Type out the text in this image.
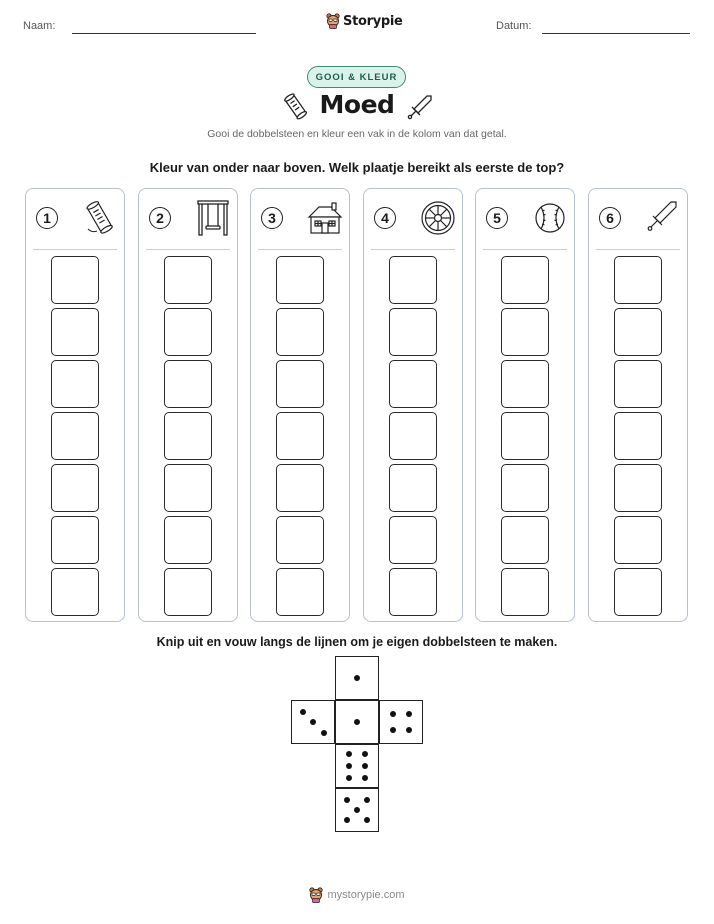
Naam:	Datum:
Storypie
GOOI & KLEUR
Moed
Gooi de dobbelsteen en kleur een vak in de kolom van dat getal.
Kleur van onder naar boven. Welk plaatje bereikt als eerste de top?
1	2	3	4	5	6
Knip uit en vouw langs de lijnen om je eigen dobbelsteen te maken.
mystorypie.com
